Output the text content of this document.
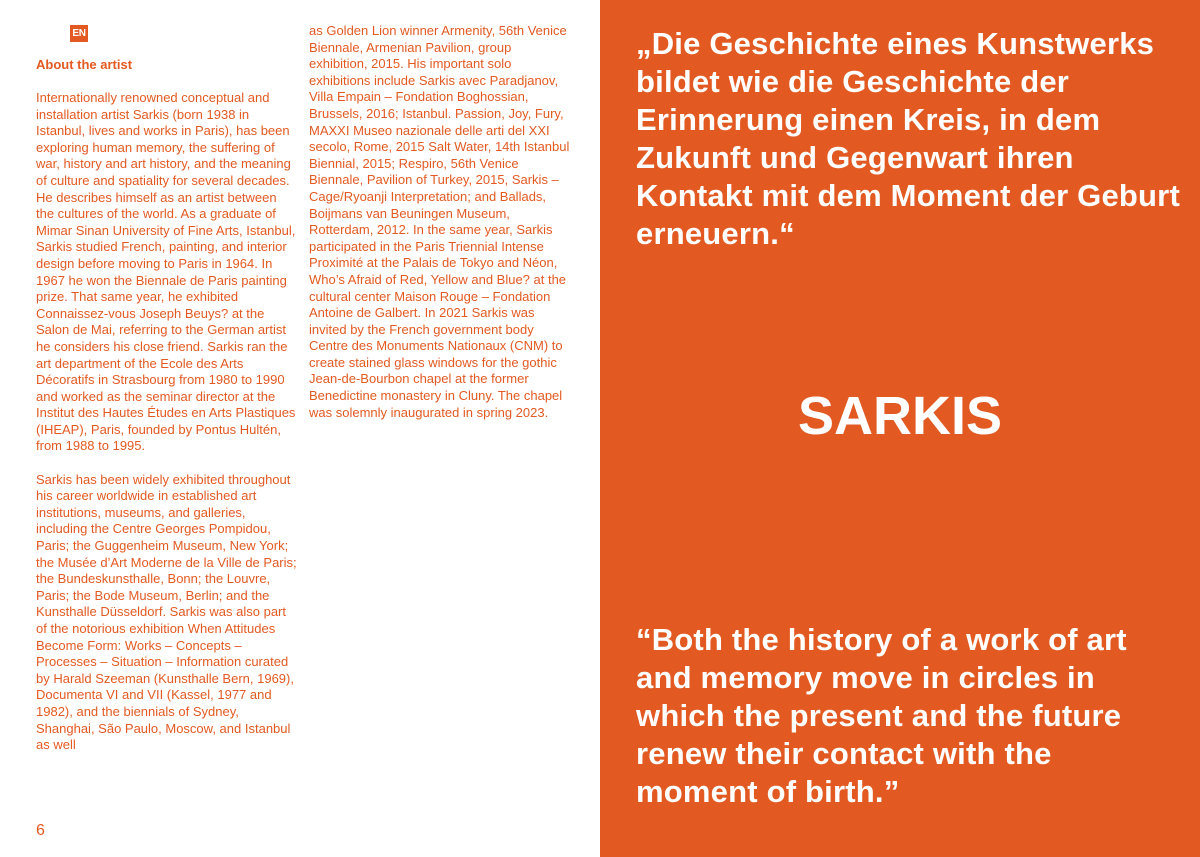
EN
About the artist

Internationally renowned conceptual and installation artist Sarkis (born 1938 in Istanbul, lives and works in Paris), has been exploring human memory, the suffering of war, history and art history, and the meaning of culture and spatiality for several decades. He describes himself as an artist between the cultures of the world. As a graduate of Mimar Sinan University of Fine Arts, Istanbul, Sarkis studied French, painting, and interior design before moving to Paris in 1964. In 1967 he won the Biennale de Paris painting prize. That same year, he exhibited Connaissez-vous Joseph Beuys? at the Salon de Mai, referring to the German artist he considers his close friend. Sarkis ran the art department of the Ecole des Arts Décoratifs in Strasbourg from 1980 to 1990 and worked as the seminar director at the Institut des Hautes Études en Arts Plastiques (IHEAP), Paris, founded by Pontus Hultén, from 1988 to 1995.

Sarkis has been widely exhibited throughout his career worldwide in established art institutions, museums, and galleries, including the Centre Georges Pompidou, Paris; the Guggenheim Museum, New York; the Musée d’Art Moderne de la Ville de Paris; the Bundeskunsthalle, Bonn; the Louvre, Paris; the Bode Museum, Berlin; and the Kunsthalle Düsseldorf. Sarkis was also part of the notorious exhibition When Attitudes Become Form: Works – Concepts – Processes – Situation – Information curated by Harald Szeeman (Kunsthalle Bern, 1969), Documenta VI and VII (Kassel, 1977 and 1982), and the biennials of Sydney, Shanghai, São Paulo, Moscow, and Istanbul as well

as Golden Lion winner Armenity, 56th Venice Biennale, Armenian Pavilion, group exhibition, 2015. His important solo exhibitions include Sarkis avec Paradjanov, Villa Empain – Fondation Boghossian, Brussels, 2016; Istanbul. Passion, Joy, Fury, MAXXI Museo nazionale delle arti del XXI secolo, Rome, 2015 Salt Water, 14th Istanbul Biennial, 2015; Respiro, 56th Venice Biennale, Pavilion of Turkey, 2015, Sarkis – Cage/Ryoanji Interpretation; and Ballads, Boijmans van Beuningen Museum, Rotterdam, 2012. In the same year, Sarkis participated in the Paris Triennial Intense Proximité at the Palais de Tokyo and Néon, Who’s Afraid of Red, Yellow and Blue? at the cultural center Maison Rouge – Fondation Antoine de Galbert. In 2021 Sarkis was invited by the French government body Centre des Monuments Nationaux (CNM) to create stained glass windows for the gothic Jean-de-Bourbon chapel at the former Benedictine monastery in Cluny. The chapel was solemnly inaugurated in spring 2023.

6

„Die Geschichte eines Kunstwerks bildet wie die Geschichte der Erinnerung einen Kreis, in dem Zukunft und Gegenwart ihren Kontakt mit dem Moment der Geburt erneuern.“

SARKIS

“Both the history of a work of art and memory move in circles in which the present and the future renew their contact with the moment of birth.”
